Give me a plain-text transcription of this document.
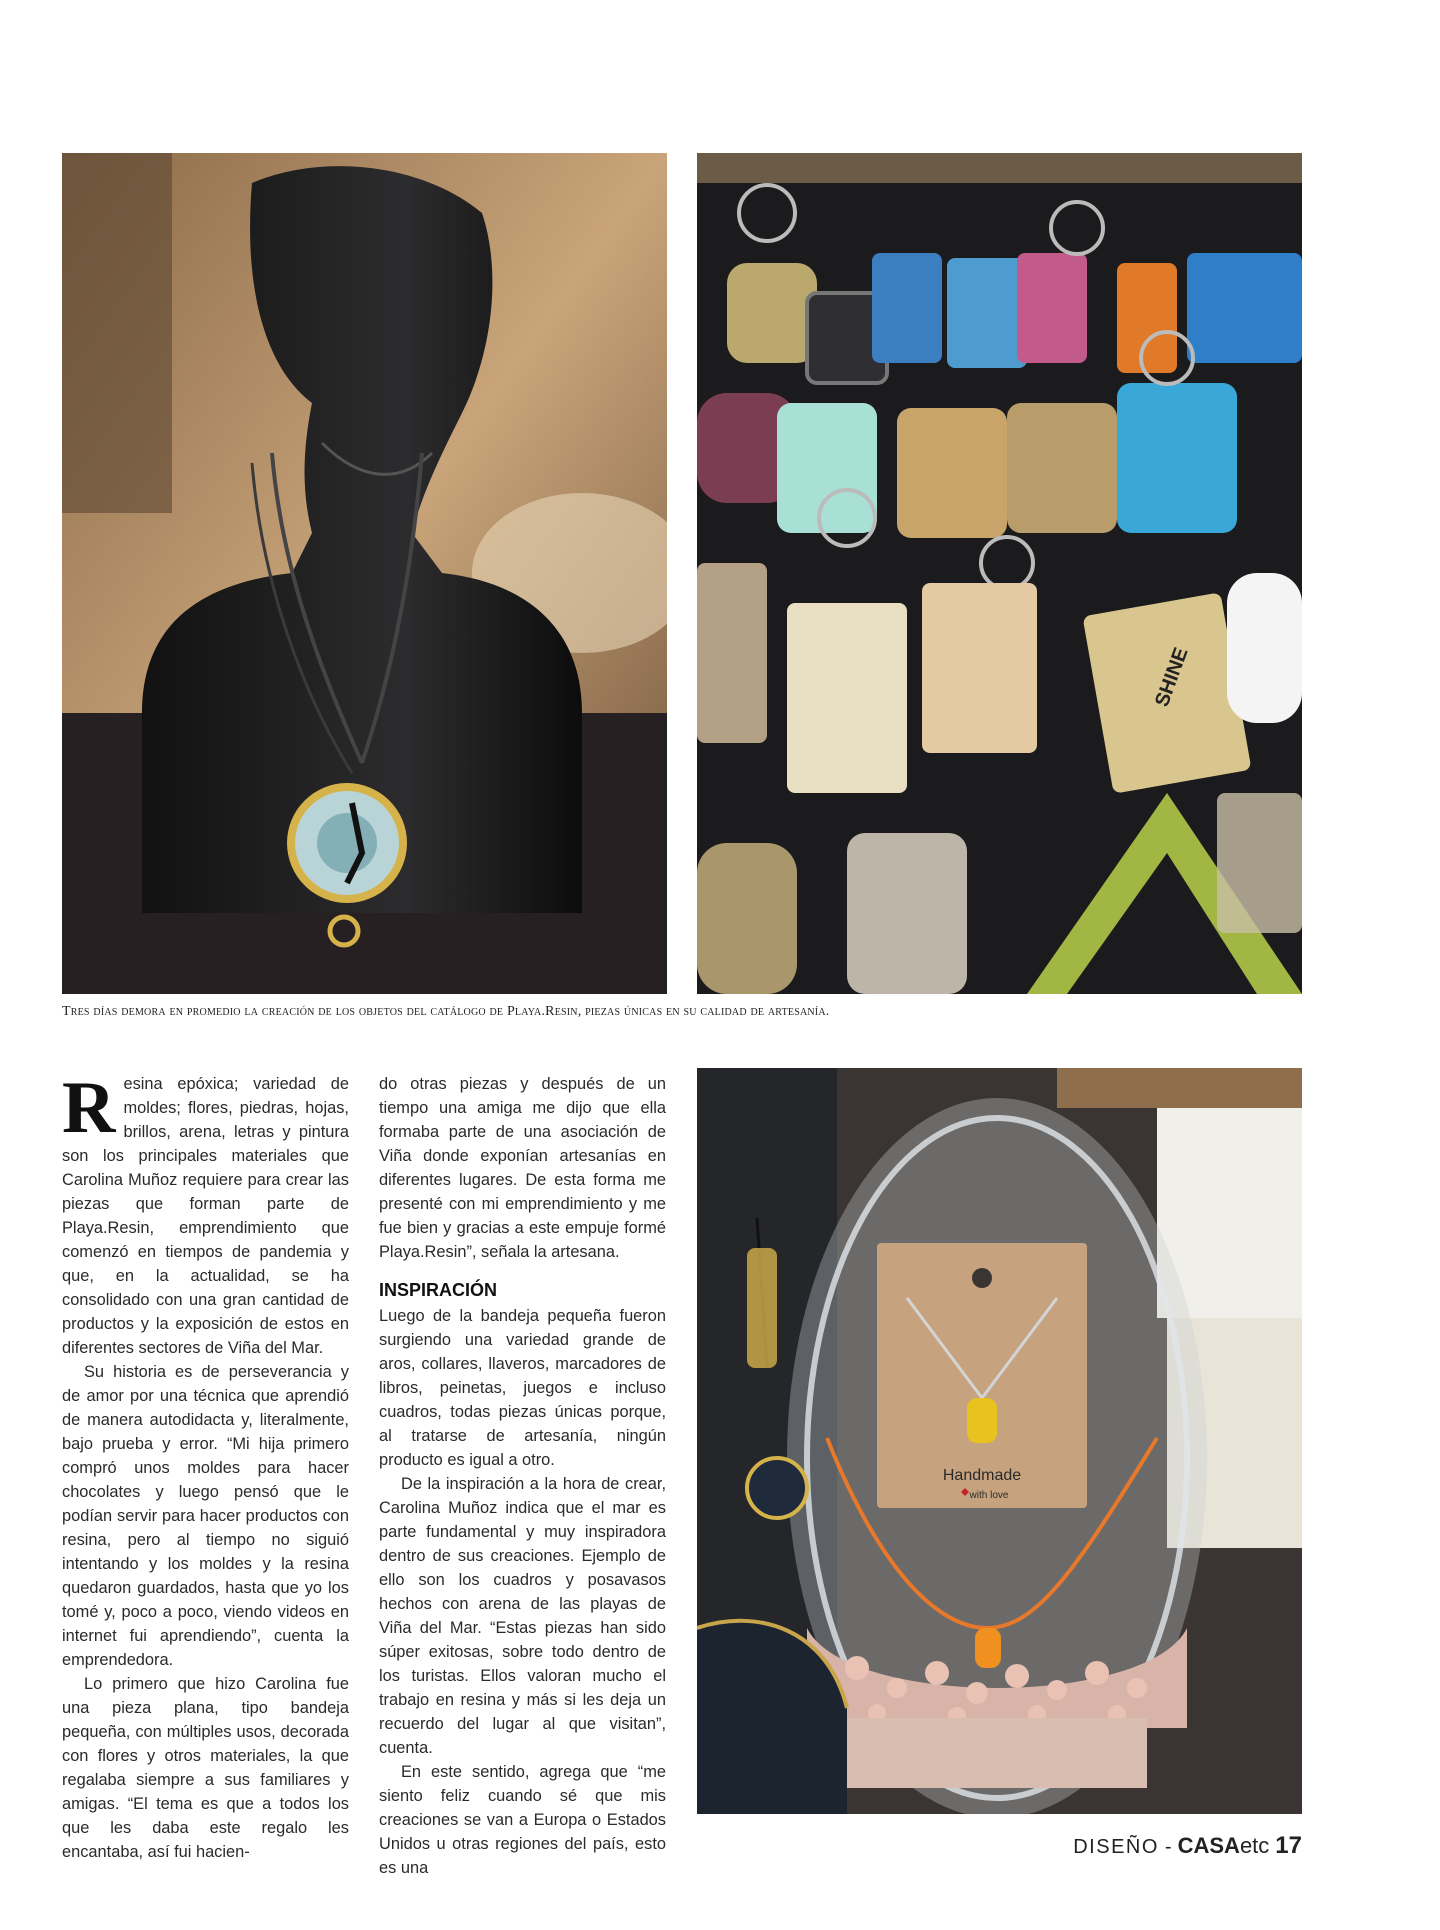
SHINE
Tres días demora en promedio la creación de los objetos del catálogo de Playa.Resin, piezas únicas en su calidad de artesanía.

Resina epóxica; variedad de moldes; flores, piedras, hojas, brillos, arena, letras y pintura son los principales materiales que Carolina Muñoz requiere para crear las piezas que forman parte de Playa.Resin, emprendimiento que comenzó en tiempos de pandemia y que, en la actualidad, se ha consolidado con una gran cantidad de productos y la exposición de estos en diferentes sectores de Viña del Mar.

Su historia es de perseverancia y de amor por una técnica que aprendió de manera autodidacta y, literalmente, bajo prueba y error. “Mi hija primero compró unos moldes para hacer chocolates y luego pensó que le podían servir para hacer productos con resina, pero al tiempo no siguió intentando y los moldes y la resina quedaron guardados, hasta que yo los tomé y, poco a poco, viendo videos en internet fui aprendiendo”, cuenta la emprendedora.

Lo primero que hizo Carolina fue una pieza plana, tipo bandeja pequeña, con múltiples usos, decorada con flores y otros materiales, la que regalaba siempre a sus familiares y amigas. “El tema es que a todos los que les daba este regalo les encantaba, así fui hacien-

do otras piezas y después de un tiempo una amiga me dijo que ella formaba parte de una asociación de Viña donde exponían artesanías en diferentes lugares. De esta forma me presenté con mi emprendimiento y me fue bien y gracias a este empuje formé Playa.Resin”, señala la artesana.

INSPIRACIÓN

Luego de la bandeja pequeña fueron surgiendo una variedad grande de aros, collares, llaveros, marcadores de libros, peinetas, juegos e incluso cuadros, todas piezas únicas porque, al tratarse de artesanía, ningún producto es igual a otro.

De la inspiración a la hora de crear, Carolina Muñoz indica que el mar es parte fundamental y muy inspiradora dentro de sus creaciones. Ejemplo de ello son los cuadros y posavasos hechos con arena de las playas de Viña del Mar. “Estas piezas han sido súper exitosas, sobre todo dentro de los turistas. Ellos valoran mucho el trabajo en resina y más si les deja un recuerdo del lugar al que visitan”, cuenta.

En este sentido, agrega que “me siento feliz cuando sé que mis creaciones se van a Europa o Estados Unidos u otras regiones del país, esto es una

Handmade
with love
DISEÑO - CASAetc 17
